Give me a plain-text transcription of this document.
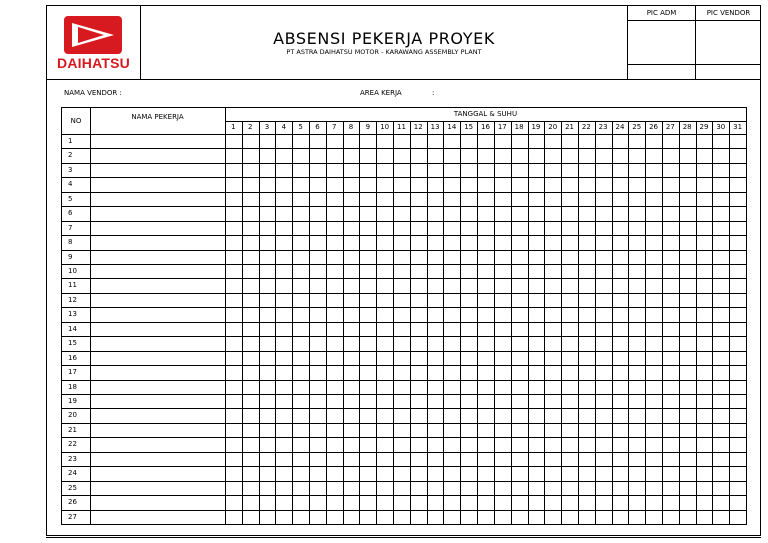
DAIHATSU
ABSENSI PEKERJA PROYEK
PT ASTRA DAIHATSU MOTOR - KARAWANG ASSEMBLY PLANT
PIC ADM	PIC VENDOR
NAMA VENDOR :	AREA KERJA	:
NO	NAMA PEKERJA	TANGGAL & SUHU
1	2	3	4	5	6	7	8	9	10	11	12	13	14	15	16	17	18	19	20	21	22	23	24	25	26	27	28	29	30	31
1
2
3
4
5
6
7
8
9
10
11
12
13
14
15
16
17
18
19
20
21
22
23
24
25
26
27
